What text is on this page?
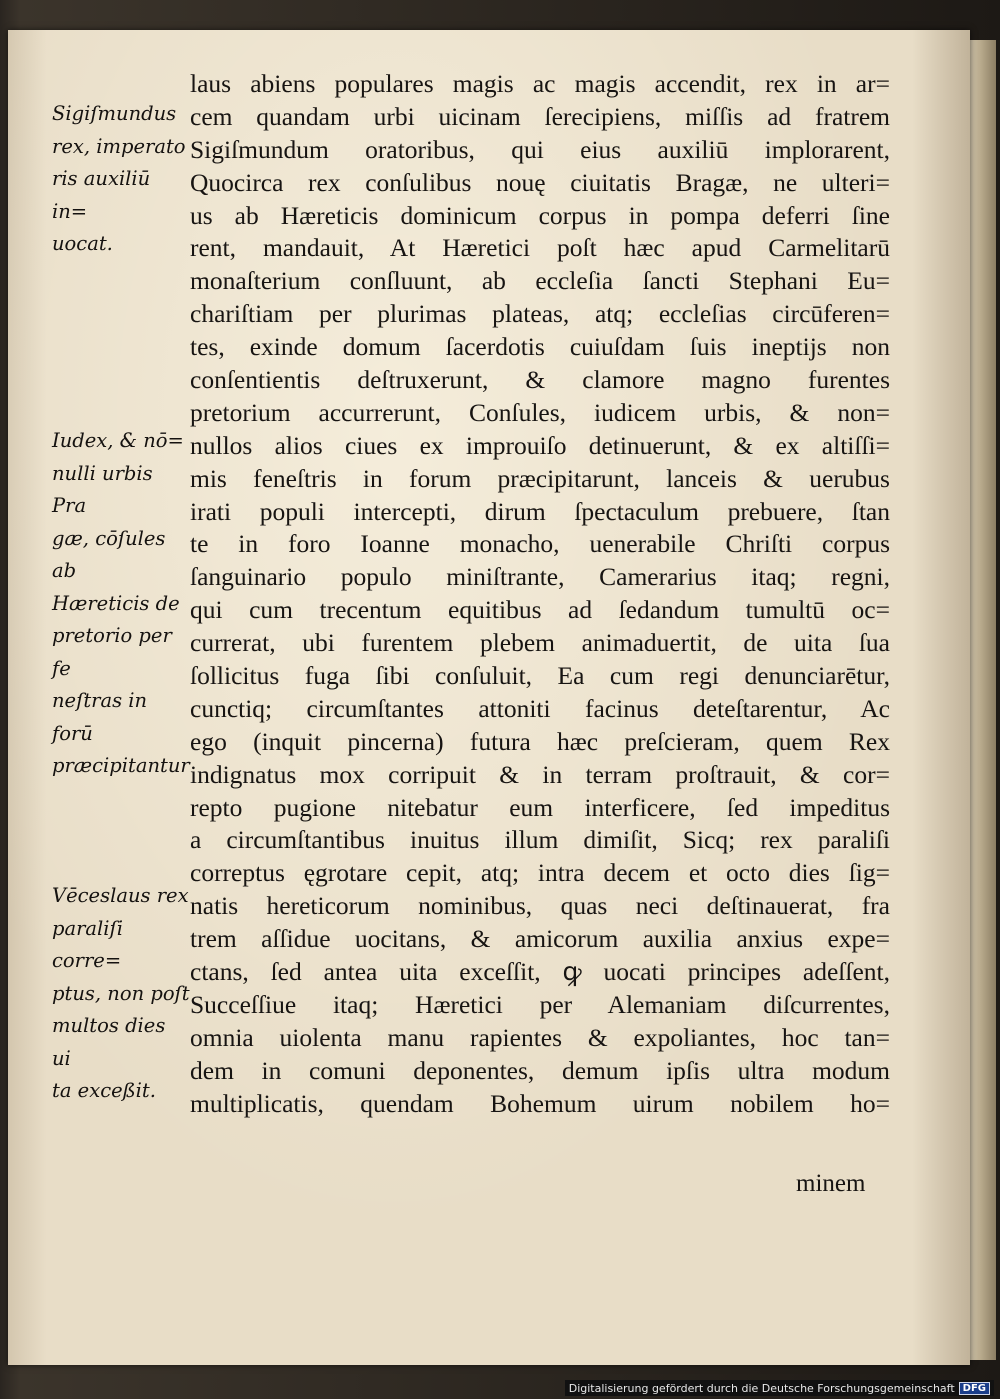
Sigiſmundus
rex, imperato
ris auxiliū in=
uocat.
Iudex, & nō=
nulli urbis Pra
gæ, cōſules ab
Hæreticis de
pretorio per fe
neſtras in forū
præcipitantur
Vēceslaus rex
paraliſi corre=
ptus, non poſt
multos dies ui
ta exceßit.
laus abiens populares magis ac magis accendit, rex in ar=
cem quandam urbi uicinam ſerecipiens, miſſis ad fratrem
Sigiſmundum oratoribus, qui eius auxiliū implorarent,
Quocirca rex conſulibus nouę ciuitatis Bragæ, ne ulteri=
us ab Hæreticis dominicum corpus in pompa deferri ſine
rent, mandauit, At Hæretici poſt hæc apud Carmelitarū
monaſterium conſluunt, ab eccleſia ſancti Stephani Eu=
chariſtiam per plurimas plateas, atq; eccleſias circūferen=
tes, exinde domum ſacerdotis cuiuſdam ſuis ineptijs non
conſentientis deſtruxerunt, & clamore magno furentes
pretorium accurrerunt, Conſules, iudicem urbis, & non=
nullos alios ciues ex improuiſo detinuerunt, & ex altiſſi=
mis feneſtris in forum præcipitarunt, lanceis & uerubus
irati populi intercepti, dirum ſpectaculum prebuere, ſtan
te in foro Ioanne monacho, uenerabile Chriſti corpus
ſanguinario populo miniſtrante, Camerarius itaq; regni,
qui cum trecentum equitibus ad ſedandum tumultū oc=
currerat, ubi furentem plebem animaduertit, de uita ſua
ſollicitus fuga ſibi conſuluit, Ea cum regi denunciarētur,
cunctiq; circumſtantes attoniti facinus deteſtarentur, Ac
ego (inquit pincerna) futura hæc preſcieram, quem Rex
indignatus mox corripuit & in terram proſtrauit, & cor=
repto pugione nitebatur eum interficere, ſed impeditus
a circumſtantibus inuitus illum dimiſit, Sicq; rex paraliſi
correptus ęgrotare cepit, atq; intra decem et octo dies ſig=
natis hereticorum nominibus, quas neci deſtinauerat, fra
trem aſſidue uocitans, & amicorum auxilia anxius expe=
ctans, ſed antea uita exceſſit, ꝙ uocati principes adeſſent,
Succeſſiue itaq; Hæretici per Alemaniam diſcurrentes,
omnia uiolenta manu rapientes & expoliantes, hoc tan=
dem in comuni deponentes, demum ipſis ultra modum
multiplicatis, quendam Bohemum uirum nobilem ho=
minem
Digitalisierung gefördert durch die Deutsche Forschungsgemeinschaft DFG
